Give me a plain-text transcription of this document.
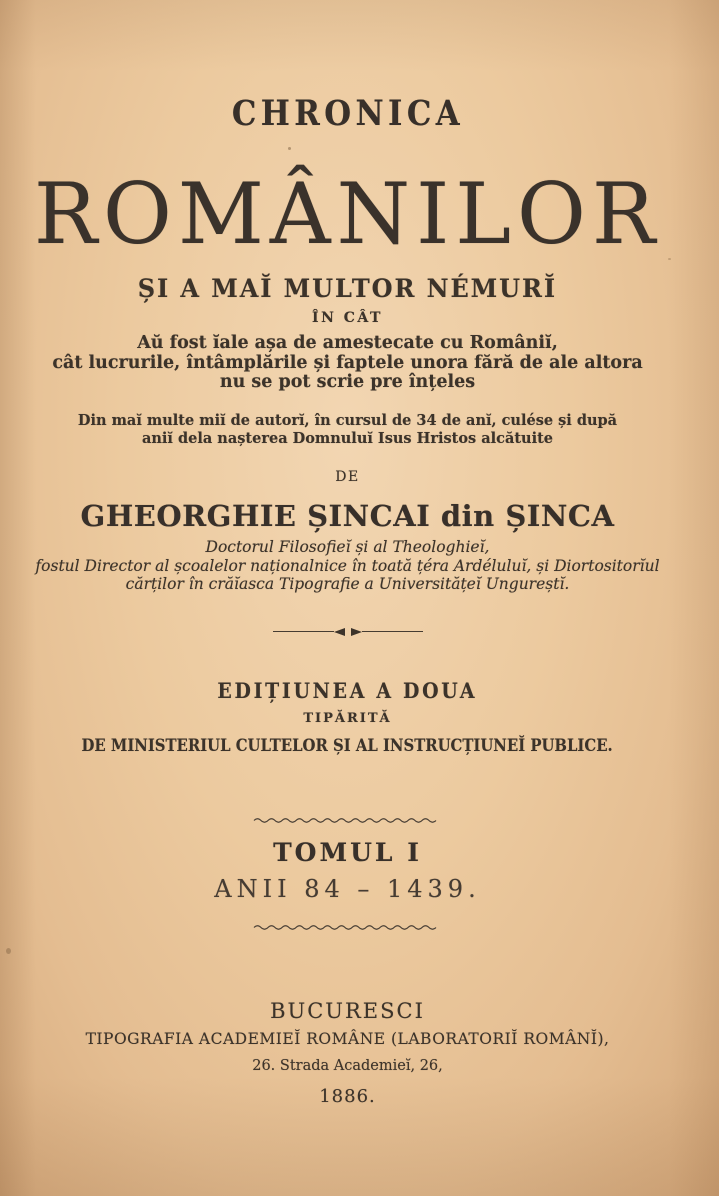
CHRONICA
ROMÂNILOR
ȘI A MAĬ MULTOR NÉMURĬ
ÎN CÂT
Aŭ fost ĭale așa de amestecate cu Româniĭ,
cât lucrurile, întâmplările și faptele unora fără de ale altora
nu se pot scrie pre înțeles
Din maĭ multe miĭ de autorĭ, în cursul de 34 de anĭ, culése și după
aniĭ dela nașterea Domnuluĭ Isus Hristos alcătuite
DE
GHEORGHIE ȘINCAI din ȘINCA
Doctorul Filosofieĭ și al Theologhieĭ,
fostul Director al școalelor naționalnice în toată țéra Ardéluluĭ, și Diortositorĭul
cărților în crăĭasca Tipografie a Universitățeĭ Ungureștĭ.
EDIȚIUNEA A DOUA
TIPĂRITĂ
DE MINISTERIUL CULTELOR ȘI AL INSTRUCȚIUNEĬ PUBLICE.
TOMUL I
ANII 84 – 1439.
BUCURESCI
TIPOGRAFIA ACADEMIEĬ ROMÂNE (LABORATORIĬ ROMÂNĬ),
26. Strada Academieĭ, 26,
1886.
